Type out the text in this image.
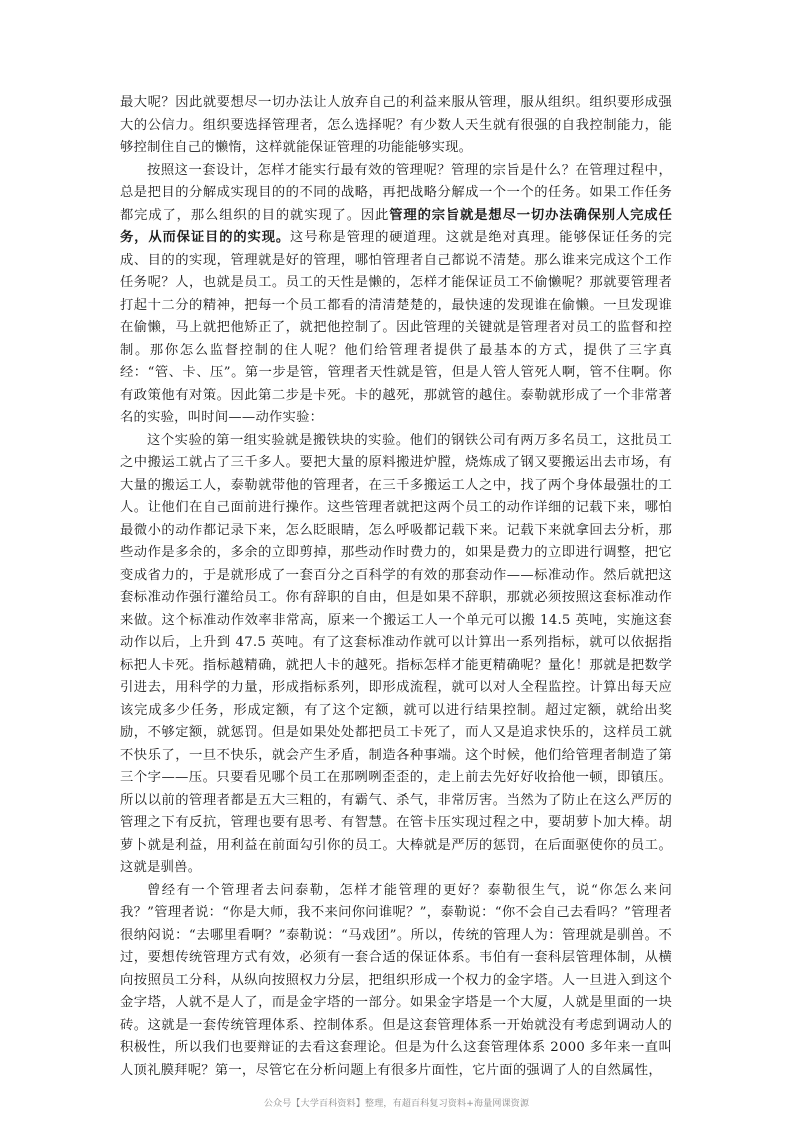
最大呢？因此就要想尽一切办法让人放弃自己的利益来服从管理，服从组织。组织要形成强大的公信力。组织要选择管理者，怎么选择呢？有少数人天生就有很强的自我控制能力，能够控制住自己的懒惰，这样就能保证管理的功能能够实现。

按照这一套设计，怎样才能实行最有效的管理呢？管理的宗旨是什么？在管理过程中，总是把目的分解成实现目的的不同的战略，再把战略分解成一个一个的任务。如果工作任务都完成了，那么组织的目的就实现了。因此管理的宗旨就是想尽一切办法确保别人完成任务，从而保证目的的实现。这号称是管理的硬道理。这就是绝对真理。能够保证任务的完成、目的的实现，管理就是好的管理，哪怕管理者自己都说不清楚。那么谁来完成这个工作任务呢？人，也就是员工。员工的天性是懒的，怎样才能保证员工不偷懒呢？那就要管理者打起十二分的精神，把每一个员工都看的清清楚楚的，最快速的发现谁在偷懒。一旦发现谁在偷懒，马上就把他矫正了，就把他控制了。因此管理的关键就是管理者对员工的监督和控制。那你怎么监督控制的住人呢？他们给管理者提供了最基本的方式，提供了三字真经：“管、卡、压”。第一步是管，管理者天性就是管，但是人管人管死人啊，管不住啊。你有政策他有对策。因此第二步是卡死。卡的越死，那就管的越住。泰勒就形成了一个非常著名的实验，叫时间——动作实验：

这个实验的第一组实验就是搬铁块的实验。他们的钢铁公司有两万多名员工，这批员工之中搬运工就占了三千多人。要把大量的原料搬进炉膛，烧炼成了钢又要搬运出去市场，有大量的搬运工人，泰勒就带他的管理者，在三千多搬运工人之中，找了两个身体最强壮的工人。让他们在自己面前进行操作。这些管理者就把这两个员工的动作详细的记载下来，哪怕最微小的动作都记录下来，怎么眨眼睛，怎么呼吸都记载下来。记载下来就拿回去分析，那些动作是多余的，多余的立即剪掉，那些动作时费力的，如果是费力的立即进行调整，把它变成省力的，于是就形成了一套百分之百科学的有效的那套动作——标准动作。然后就把这套标准动作强行灌给员工。你有辞职的自由，但是如果不辞职，那就必须按照这套标准动作来做。这个标准动作效率非常高，原来一个搬运工人一个单元可以搬 14.5 英吨，实施这套动作以后，上升到 47.5 英吨。有了这套标准动作就可以计算出一系列指标，就可以依据指标把人卡死。指标越精确，就把人卡的越死。指标怎样才能更精确呢？量化！那就是把数学引进去，用科学的力量，形成指标系列，即形成流程，就可以对人全程监控。计算出每天应该完成多少任务，形成定额，有了这个定额，就可以进行结果控制。超过定额，就给出奖励，不够定额，就惩罚。但是如果处处都把员工卡死了，而人又是追求快乐的，这样员工就不快乐了，一旦不快乐，就会产生矛盾，制造各种事端。这个时候，他们给管理者制造了第三个字——压。只要看见哪个员工在那咧咧歪歪的，走上前去先好好收拾他一顿，即镇压。所以以前的管理者都是五大三粗的，有霸气、杀气，非常厉害。当然为了防止在这么严厉的管理之下有反抗，管理也要有思考、有智慧。在管卡压实现过程之中，要胡萝卜加大棒。胡萝卜就是利益，用利益在前面勾引你的员工。大棒就是严厉的惩罚，在后面驱使你的员工。这就是驯兽。

曾经有一个管理者去问泰勒，怎样才能管理的更好？泰勒很生气，说“你怎么来问我？”管理者说：“你是大师，我不来问你问谁呢？”，泰勒说：“你不会自己去看吗？”管理者很纳闷说：“去哪里看啊？”泰勒说：“马戏团”。所以，传统的管理人为：管理就是驯兽。不过，要想传统管理方式有效，必须有一套合适的保证体系。韦伯有一套科层管理体制，从横向按照员工分科，从纵向按照权力分层，把组织形成一个权力的金字塔。人一旦进入到这个金字塔，人就不是人了，而是金字塔的一部分。如果金字塔是一个大厦，人就是里面的一块砖。这就是一套传统管理体系、控制体系。但是这套管理体系一开始就没有考虑到调动人的积极性，所以我们也要辩证的去看这套理论。但是为什么这套管理体系 2000 多年来一直叫人顶礼膜拜呢？第一，尽管它在分析问题上有很多片面性，它片面的强调了人的自然属性，

公众号【大学百科资料】整理，有超百科复习资料+海量网课资源
